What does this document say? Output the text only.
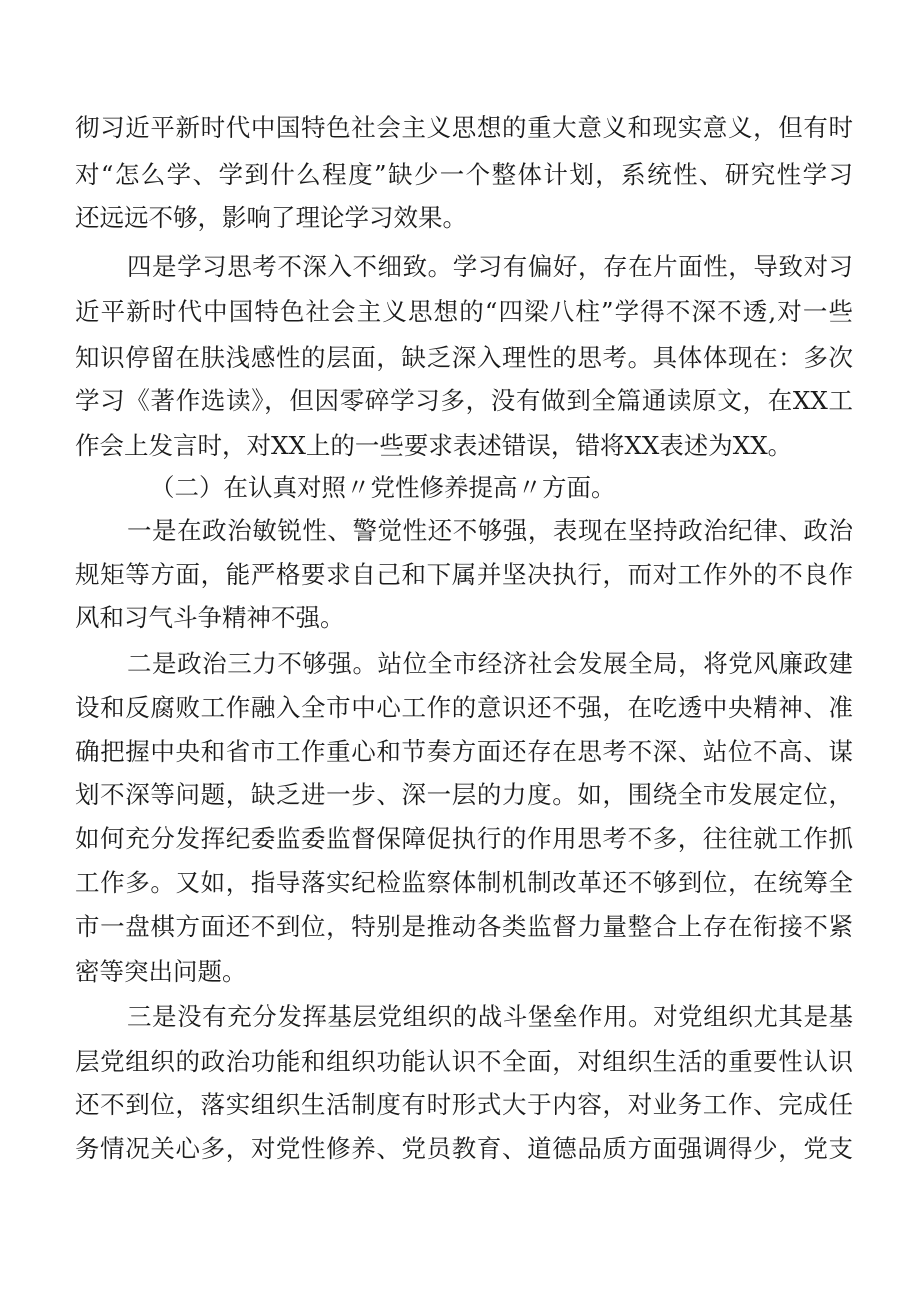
彻习近平新时代中国特色社会主义思想的重大意义和现实意义，但有时
对“怎么学、学到什么程度”缺少一个整体计划，系统性、研究性学习
还远远不够，影响了理论学习效果。
四是学习思考不深入不细致。学习有偏好，存在片面性，导致对习
近平新时代中国特色社会主义思想的“四梁八柱”学得不深不透,对一些
知识停留在肤浅感性的层面，缺乏深入理性的思考。具体体现在：多次
学习《著作选读》，但因零碎学习多，没有做到全篇通读原文，在XX工
作会上发言时，对XX上的一些要求表述错误，错将XX表述为XX。
（二）在认真对照〃党性修养提高〃方面。
一是在政治敏锐性、警觉性还不够强，表现在坚持政治纪律、政治
规矩等方面，能严格要求自己和下属并坚决执行，而对工作外的不良作
风和习气斗争精神不强。
二是政治三力不够强。站位全市经济社会发展全局，将党风廉政建
设和反腐败工作融入全市中心工作的意识还不强，在吃透中央精神、准
确把握中央和省市工作重心和节奏方面还存在思考不深、站位不高、谋
划不深等问题，缺乏进一步、深一层的力度。如，围绕全市发展定位，
如何充分发挥纪委监委监督保障促执行的作用思考不多，往往就工作抓
工作多。又如，指导落实纪检监察体制机制改革还不够到位，在统筹全
市一盘棋方面还不到位，特别是推动各类监督力量整合上存在衔接不紧
密等突出问题。
三是没有充分发挥基层党组织的战斗堡垒作用。对党组织尤其是基
层党组织的政治功能和组织功能认识不全面，对组织生活的重要性认识
还不到位，落实组织生活制度有时形式大于内容，对业务工作、完成任
务情况关心多，对党性修养、党员教育、道德品质方面强调得少，党支
